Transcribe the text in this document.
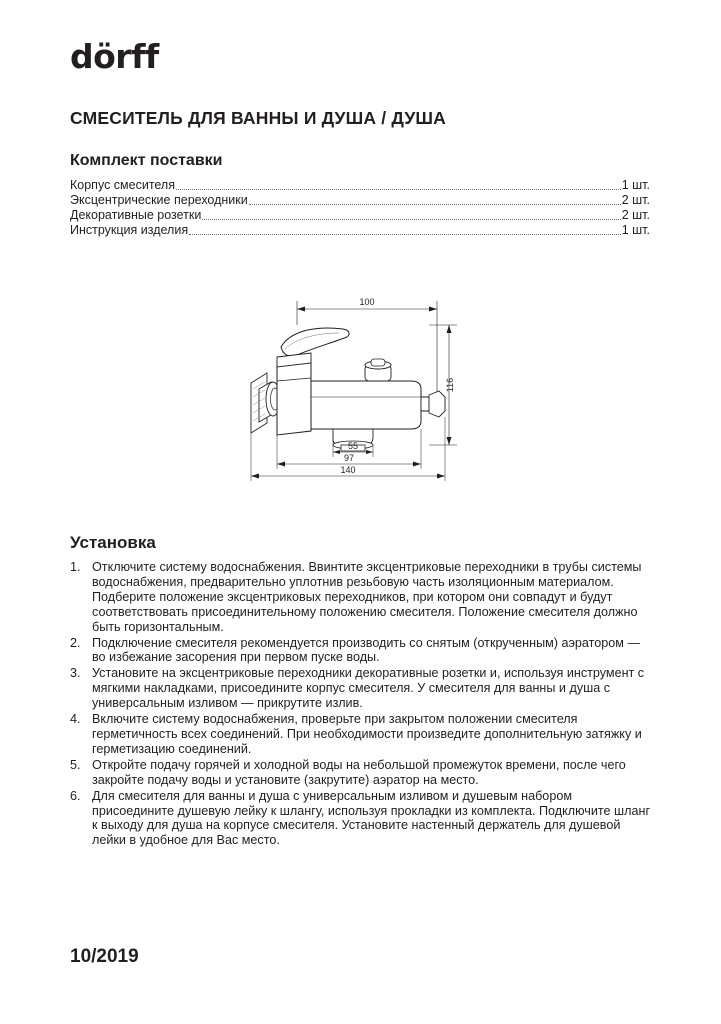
dörff
СМЕСИТЕЛЬ ДЛЯ ВАННЫ И ДУША / ДУША
Комплект поставки
Корпус смесителя	1 шт.
Эксцентрические переходники	2 шт.
Декоративные розетки	2 шт.
Инструкция изделия	1 шт.
100
116
55
97
140
Установка
1. Отключите систему водоснабжения. Ввинтите эксцентриковые переходники в трубы системы водоснабжения, предварительно уплотнив резьбовую часть изоляционным материалом. Подберите положение эксцентриковых переходников, при котором они совпадут и будут соответствовать присоединительному положению смесителя. Положение смесителя должно быть горизонтальным.
2. Подключение смесителя рекомендуется производить со снятым (открученным) аэратором — во избежание засорения при первом пуске воды.
3. Установите на эксцентриковые переходники декоративные розетки и, используя инструмент с мягкими накладками, присоедините корпус смесителя. У смесителя для ванны и душа с универсальным изливом — прикрутите излив.
4. Включите систему водоснабжения, проверьте при закрытом положении смесителя герметичность всех соединений. При необходимости произведите дополнительную затяжку и герметизацию соединений.
5. Откройте подачу горячей и холодной воды на небольшой промежуток времени, после чего закройте подачу воды и установите (закрутите) аэратор на место.
6. Для смесителя для ванны и душа с универсальным изливом и душевым набором присоедините душевую лейку к шлангу, используя прокладки из комплекта. Подключите шланг к выходу для душа на корпусе смесителя. Установите настенный держатель для душевой лейки в удобное для Вас место.
10/2019
